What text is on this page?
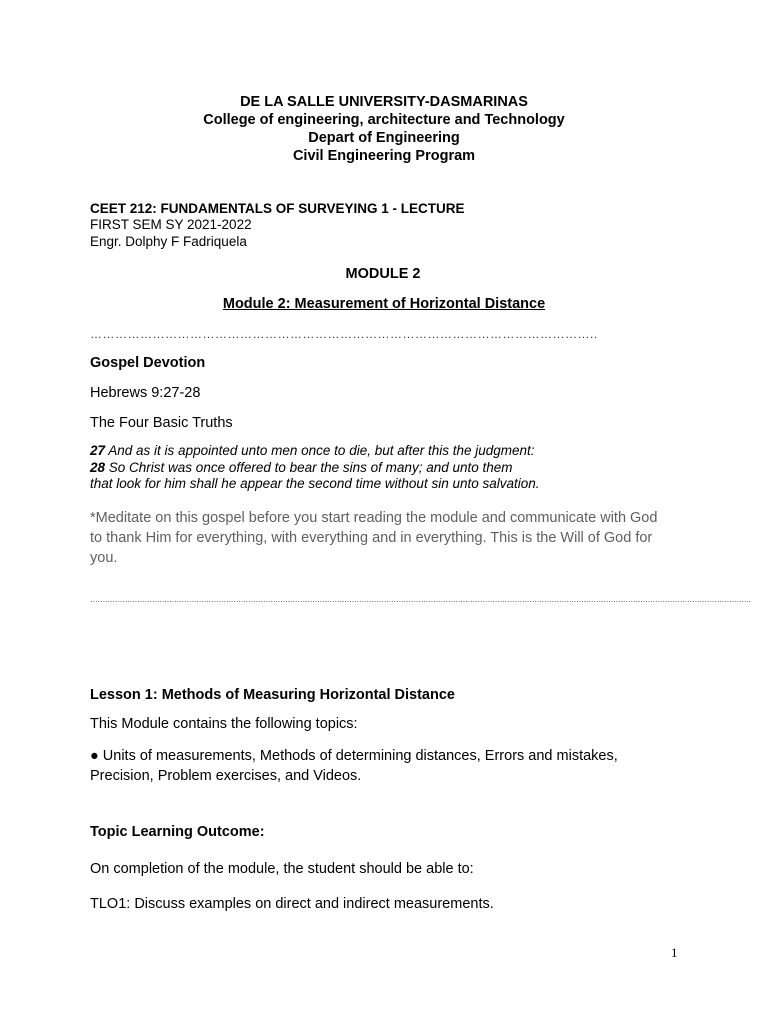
DE LA SALLE UNIVERSITY-DASMARINAS
College of engineering, architecture and Technology
Depart of Engineering
Civil Engineering Program
CEET 212: FUNDAMENTALS OF SURVEYING 1 - LECTURE
FIRST SEM SY 2021-2022
Engr. Dolphy F Fadriquela
MODULE 2
Module 2: Measurement of Horizontal Distance
…………………………………………………………………………………………………………..
Gospel Devotion
Hebrews 9:27-28
The Four Basic Truths
27 And as it is appointed unto men once to die, but after this the judgment:
28 So Christ was once offered to bear the sins of many; and unto them
that look for him shall he appear the second time without sin unto salvation.
*Meditate on this gospel before you start reading the module and communicate with God to thank Him for everything, with everything and in everything. This is the Will of God for you.
…………………………………………………………………………………………………………………………………………………………………………………………………………………………………………….
Lesson 1: Methods of Measuring Horizontal Distance
This Module contains the following topics:
● Units of measurements, Methods of determining distances, Errors and mistakes, Precision, Problem exercises, and Videos.
Topic Learning Outcome:
On completion of the module, the student should be able to:
TLO1: Discuss examples on direct and indirect measurements.
1
